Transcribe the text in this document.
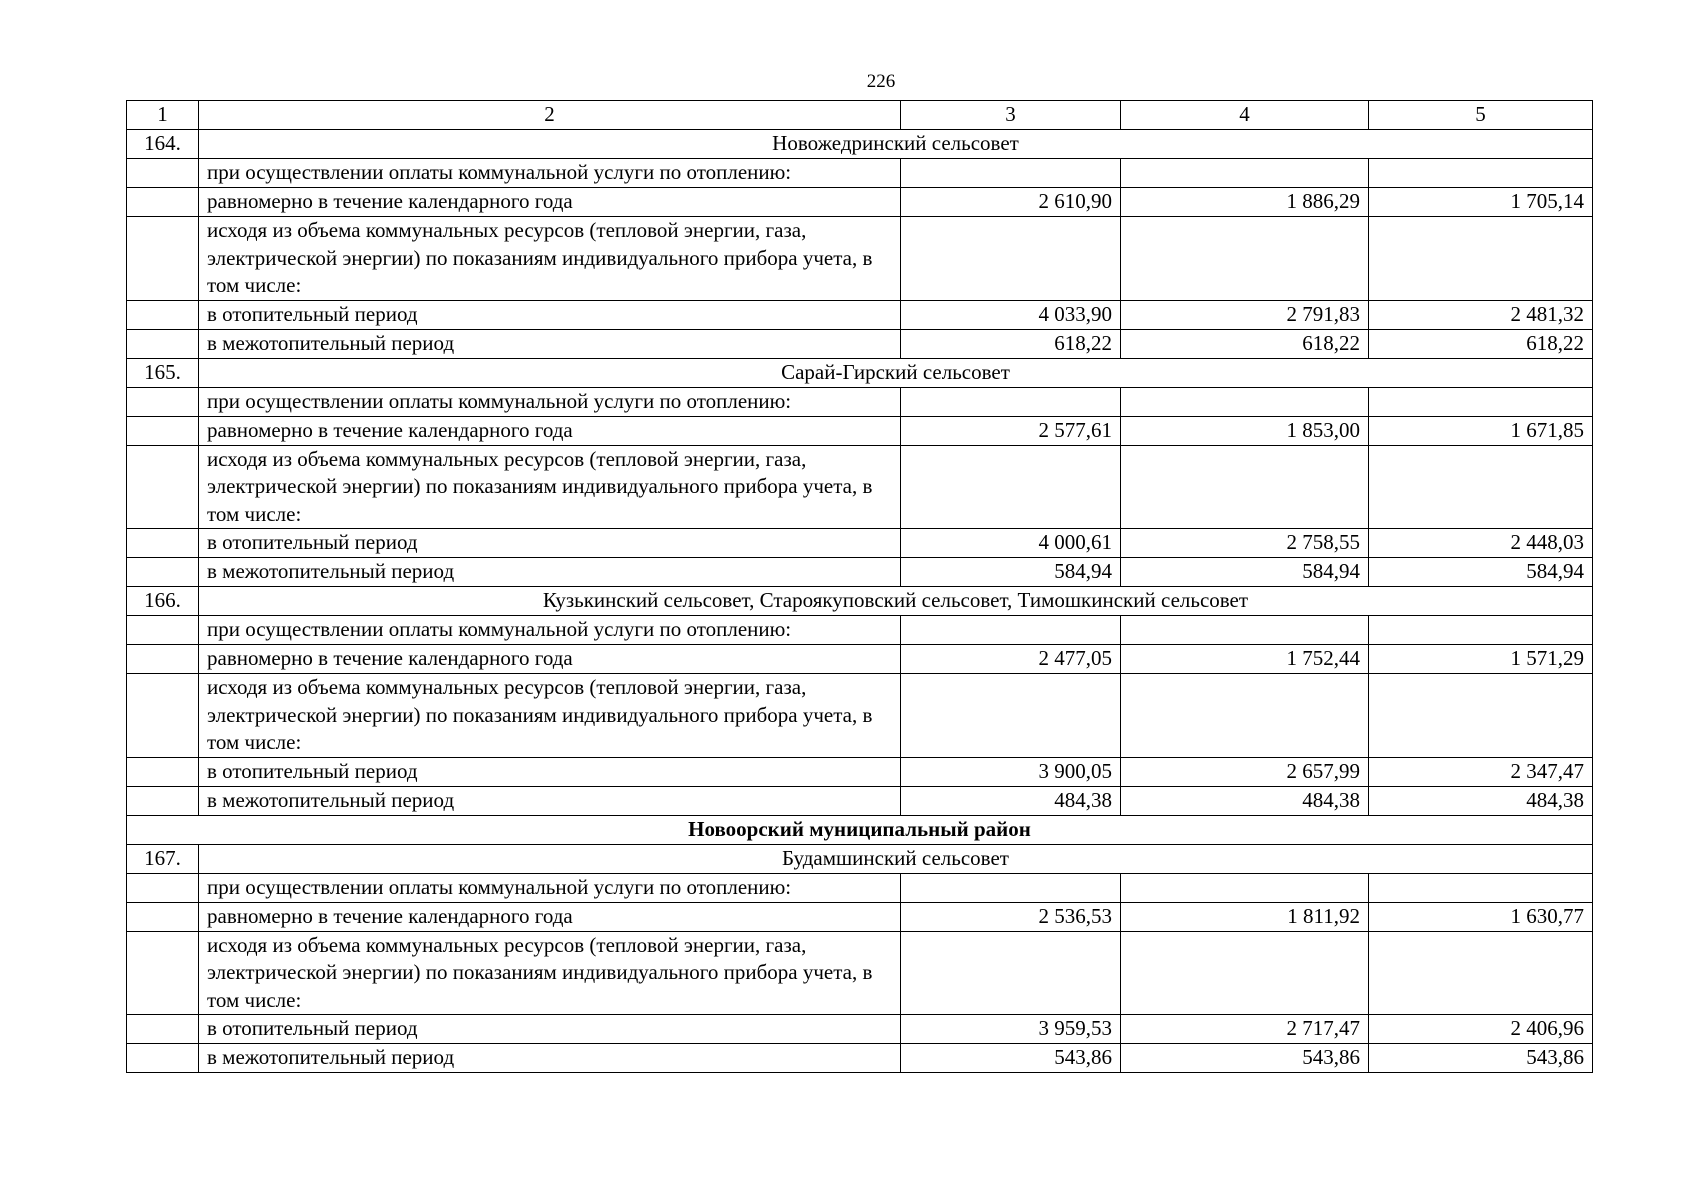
226
1	2	3	4	5
164.	Новожедринский сельсовет			
	при осуществлении оплаты коммунальной услуги по отоплению:			
	равномерно в течение календарного года	2 610,90	1 886,29	1 705,14
	исходя из объема коммунальных ресурсов (тепловой энергии, газа, электрической энергии) по показаниям индивидуального прибора учета, в том числе:			
	в отопительный период	4 033,90	2 791,83	2 481,32
	в межотопительный период	618,22	618,22	618,22
165.	Сарай-Гирский сельсовет			
	при осуществлении оплаты коммунальной услуги по отоплению:			
	равномерно в течение календарного года	2 577,61	1 853,00	1 671,85
	исходя из объема коммунальных ресурсов (тепловой энергии, газа, электрической энергии) по показаниям индивидуального прибора учета, в том числе:			
	в отопительный период	4 000,61	2 758,55	2 448,03
	в межотопительный период	584,94	584,94	584,94
166.	Кузькинский сельсовет, Староякуповский сельсовет, Тимошкинский сельсовет			
	при осуществлении оплаты коммунальной услуги по отоплению:			
	равномерно в течение календарного года	2 477,05	1 752,44	1 571,29
	исходя из объема коммунальных ресурсов (тепловой энергии, газа, электрической энергии) по показаниям индивидуального прибора учета, в том числе:			
	в отопительный период	3 900,05	2 657,99	2 347,47
	в межотопительный период	484,38	484,38	484,38
Новоорский муниципальный район				
167.	Будамшинский сельсовет			
	при осуществлении оплаты коммунальной услуги по отоплению:			
	равномерно в течение календарного года	2 536,53	1 811,92	1 630,77
	исходя из объема коммунальных ресурсов (тепловой энергии, газа, электрической энергии) по показаниям индивидуального прибора учета, в том числе:			
	в отопительный период	3 959,53	2 717,47	2 406,96
	в межотопительный период	543,86	543,86	543,86
